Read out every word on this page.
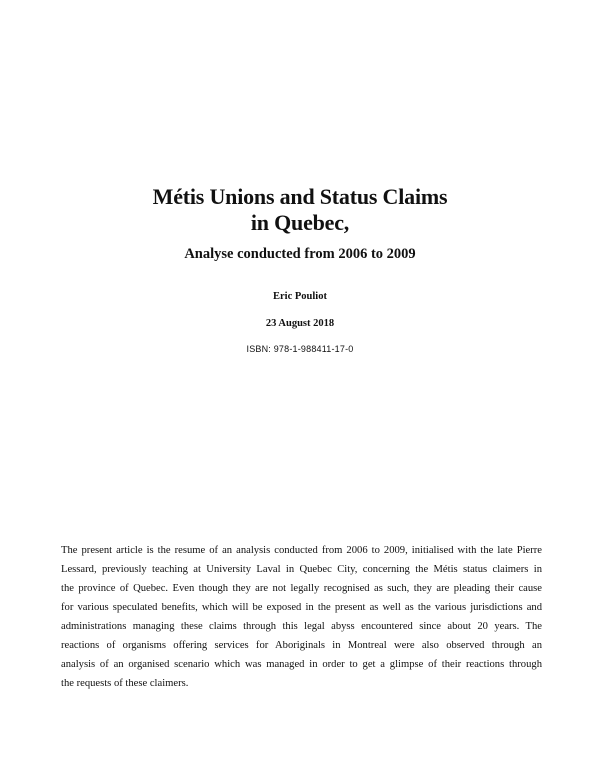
Métis Unions and Status Claims
in Quebec,
Analyse conducted from 2006 to 2009
Eric Pouliot
23 August 2018
ISBN: 978-1-988411-17-0
The present article is the resume of an analysis conducted from 2006 to 2009, initialised with the late Pierre
Lessard, previously teaching at University Laval in Quebec City, concerning the Métis status claimers in
the province of Quebec. Even though they are not legally recognised as such, they are pleading their cause
for various speculated benefits, which will be exposed in the present as well as the various jurisdictions and
administrations managing these claims through this legal abyss encountered since about 20 years. The
reactions of organisms offering services for Aboriginals in Montreal were also observed through an
analysis of an organised scenario which was managed in order to get a glimpse of their reactions through
the requests of these claimers.
